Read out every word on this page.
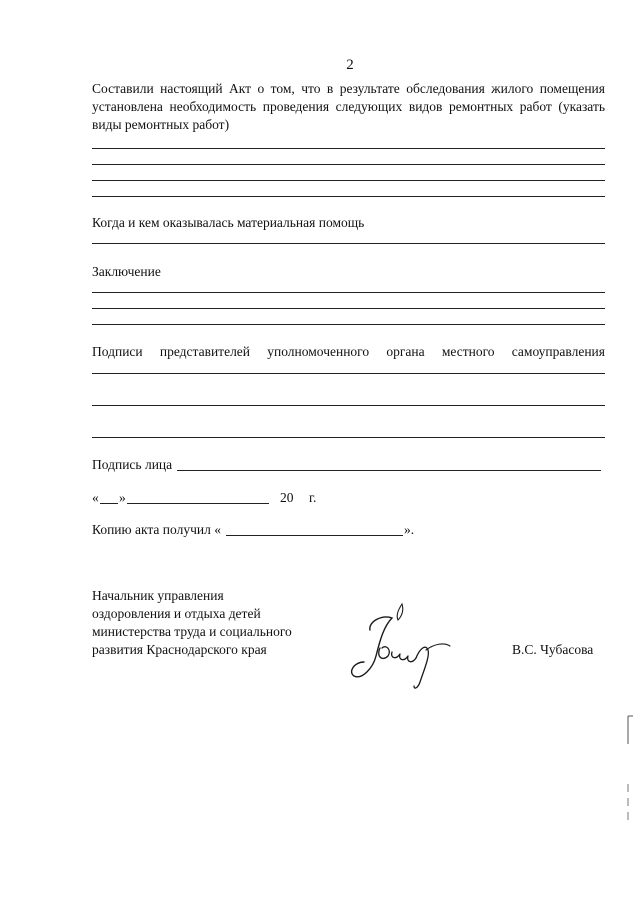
2
Составили настоящий Акт о том, что в результате обследования жилого помещения установлена необходимость проведения следующих видов ремонтных работ (указать виды ремонтных работ)
Когда и кем оказывалась материальная помощь
Заключение
Подписи представителей уполномоченного органа местного самоуправления
Подпись лица
« »	20 г.
Копию акта получил «	».
Начальник управления
оздоровления и отдыха детей
министерства труда и социального
развития Краснодарского края	В.С. Чубасова
